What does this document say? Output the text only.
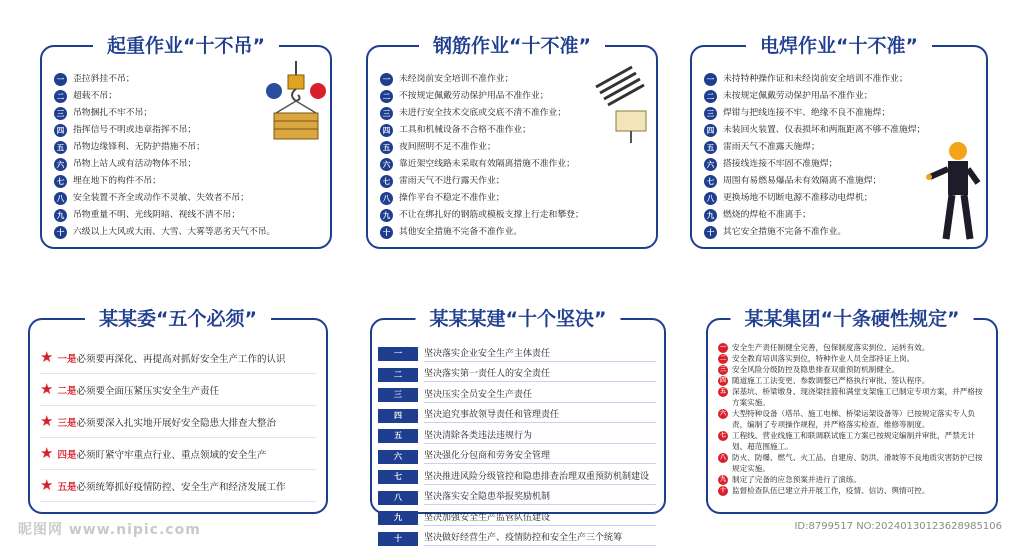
起重作业“十不吊”
一 歪拉斜挂不吊；
二 超载不吊；
三 吊物捆扎不牢不吊；
四 指挥信号不明或违章指挥不吊；
五 吊物边缘锋利、无防护措施不吊；
六 吊物上站人或有活动物体不吊；
七 埋在地下的构件不吊；
八 安全装置不齐全或动作不灵敏、失效者不吊；
九 吊物重量不明、光线阴暗、视线不清不吊；
十 六级以上大风或大雨、大雪、大雾等恶劣天气不吊。
钢筋作业“十不准”
一 未经岗前安全培训不准作业；
二 不按规定佩戴劳动保护用品不准作业；
三 未进行安全技术交底或交底不清不准作业；
四 工具和机械设备不合格不准作业；
五 夜间照明不足不准作业；
六 靠近架空线路未采取有效隔离措施不准作业；
七 雷雨天气不进行露天作业；
八 操作平台不稳定不准作业；
九 不让在绑扎好的钢筋或模板支撑上行走和攀登；
十 其他安全措施不完备不准作业。
电焊作业“十不准”
一 未持特种操作证和未经岗前安全培训不准作业；
二 未按规定佩戴劳动保护用品不准作业；
三 焊钳与把线连接不牢、绝缘不良不准施焊；
四 未装回火装置、仪表损坏和两瓶距离不够不准施焊；
五 雷雨天气不准露天施焊；
六 搭接线连接不牢固不准施焊；
七 周围有易燃易爆品未有效隔离不准施焊；
八 更换场地不切断电源不准移动电焊机；
九 燃烧的焊枪不准离手；
十 其它安全措施不完备不准作业。
某某委“五个必须”
★ 一是 必须要再深化、再提高对抓好安全生产工作的认识
★ 二是 必须要全面压紧压实安全生产责任
★ 三是 必须要深入扎实地开展好安全隐患大排查大整治
★ 四是 必须盯紧守牢重点行业、重点领域的安全生产
★ 五是 必须统筹抓好疫情防控、安全生产和经济发展工作
某某某建“十个坚决”
一	坚决落实企业安全生产主体责任
二	坚决落实第一责任人的安全责任
三	坚决压实全员安全生产责任
四	坚决追究事故领导责任和管理责任
五	坚决清除各类违法违规行为
六	坚决强化分包商和劳务安全管理
七	坚决推进风险分级管控和隐患排查治理双重预防机制建设
八	坚决落实安全隐患举报奖励机制
九	坚决加强安全生产监管队伍建设
十	坚决做好经营生产、疫情防控和安全生产三个统筹
某某集团“十条硬性规定”
一 安全生产责任制健全完善，包保制度落实到位、运转有效。
二 安全教育培训落实到位，特种作业人员全部持证上岗。
三 安全风险分级防控及隐患排查双重预防机制健全。
四 随道施工工法变更、参数调整已严格执行审批、签认程序。
五 深基坑、桥梁墩身、现浇梁挂篮和满堂支架施工已制定专项方案，并严格按方案实施。
六 大型特种设备（塔吊、施工电梯、桥梁运架设备等）已按规定落实专人负责，编制了专项操作规程，并严格落实检查、维修等制度。
七 工程线、营业线施工和联调联试施工方案已按规定编制并审批，严禁无计划、超范围施工。
八 防火、防爆、燃气、火工品、自建房、防洪、滑坡等不良地质灾害防护已按规定实施。
九 制定了完备的应急预案并进行了演练。
十 监督检查队伍已建立并开展工作，疫情、信访、舆情可控。
昵图网 www.nipic.com	ID:8799517 NO:20240130123628985106
